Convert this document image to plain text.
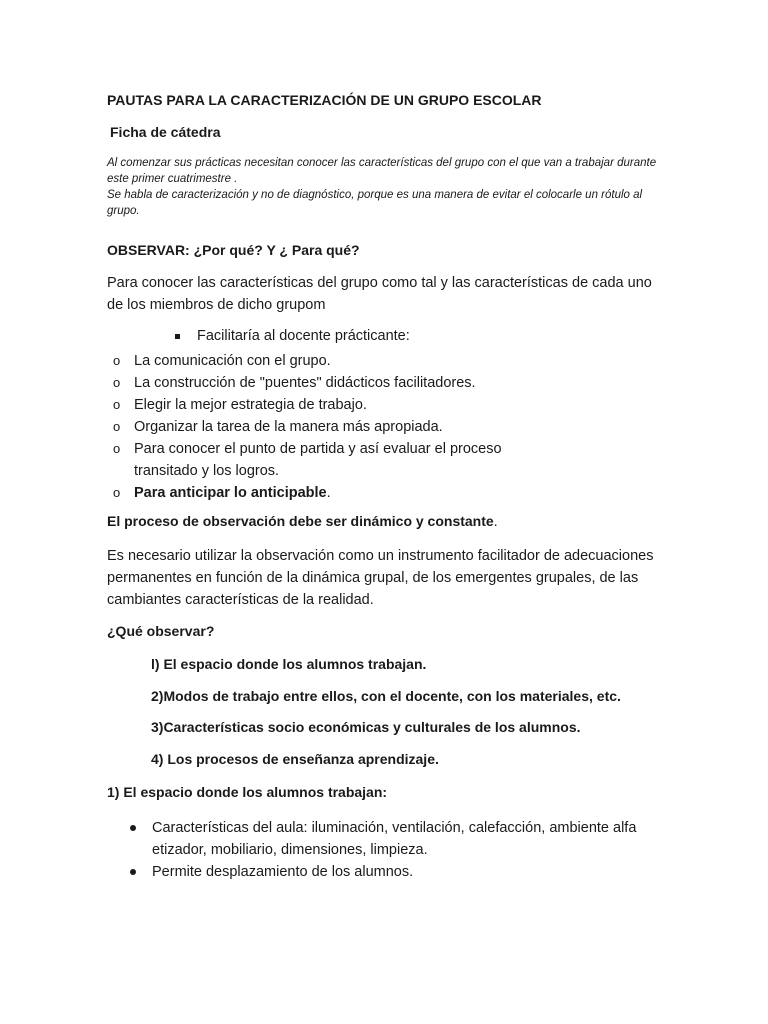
PAUTAS PARA LA CARACTERIZACIÓN DE UN GRUPO ESCOLAR
Ficha de cátedra

Al comenzar sus prácticas necesitan conocer las características del grupo con el que van a trabajar durante este primer cuatrimestre .

Se habla de caracterización y no de diagnóstico, porque es una manera de evitar el colocarle un rótulo al grupo.

OBSERVAR: ¿Por qué? Y ¿ Para qué?
Para conocer las características del grupo como tal y las características de cada uno de los miembros de dicho grupom
Facilitaría al docente prácticante:
o La comunicación con el grupo.
o La construcción de "puentes" didácticos facilitadores.
o Elegir la mejor estrategia de trabajo.
o Organizar la tarea de la manera más apropiada.
o Para conocer el punto de partida y así evaluar el proceso transitado y los logros.
o Para anticipar lo anticipable.
El proceso de observación debe ser dinámico y constante.
Es necesario utilizar la observación como un instrumento facilitador de adecuaciones permanentes en función de la dinámica grupal, de los emergentes grupales, de las cambiantes características de la realidad.
¿Qué observar?
l) El espacio donde los alumnos trabajan.
2)Modos de trabajo entre ellos, con el docente, con los materiales, etc.
3)Características socio económicas y culturales de los alumnos.
4) Los procesos de enseñanza aprendizaje.
1) El espacio donde los alumnos trabajan:
Características del aula: iluminación, ventilación, calefacción, ambiente alfa etizador, mobiliario, dimensiones, limpieza.
Permite desplazamiento de los alumnos.
